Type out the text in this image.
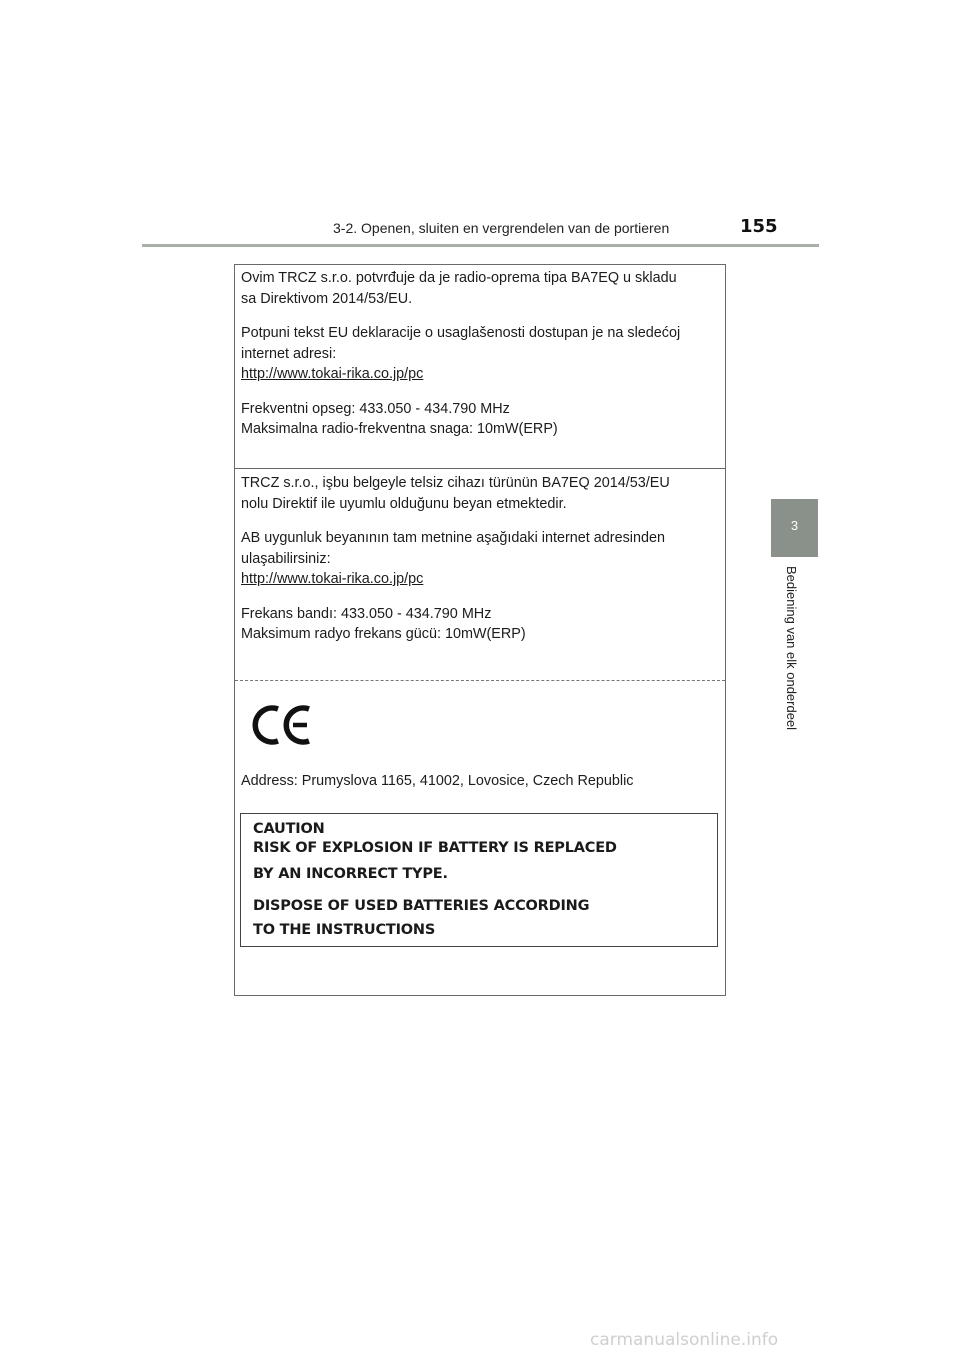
3-2. Openen, sluiten en vergrendelen van de portieren	155
3
Bediening van elk onderdeel

Ovim TRCZ s.r.o. potvrđuje da je radio-oprema tipa BA7EQ u skladu

sa Direktivom 2014/53/EU.

Potpuni tekst EU deklaracije o usaglašenosti dostupan je na sledećoj

internet adresi:

http://www.tokai-rika.co.jp/pc

Frekventni opseg: 433.050 - 434.790 MHz

Maksimalna radio-frekventna snaga: 10mW(ERP)

TRCZ s.r.o., işbu belgeyle telsiz cihazı türünün BA7EQ 2014/53/EU

nolu Direktif ile uyumlu olduğunu beyan etmektedir.

AB uygunluk beyanının tam metnine aşağıdaki internet adresinden

ulaşabilirsiniz:

http://www.tokai-rika.co.jp/pc

Frekans bandı: 433.050 - 434.790 MHz

Maksimum radyo frekans gücü: 10mW(ERP)

Address: Prumyslova 1165, 41002, Lovosice, Czech Republic

CAUTION

RISK OF EXPLOSION IF BATTERY IS REPLACED

BY AN INCORRECT TYPE.

DISPOSE OF USED BATTERIES ACCORDING

TO THE INSTRUCTIONS

carmanualsonline.info
